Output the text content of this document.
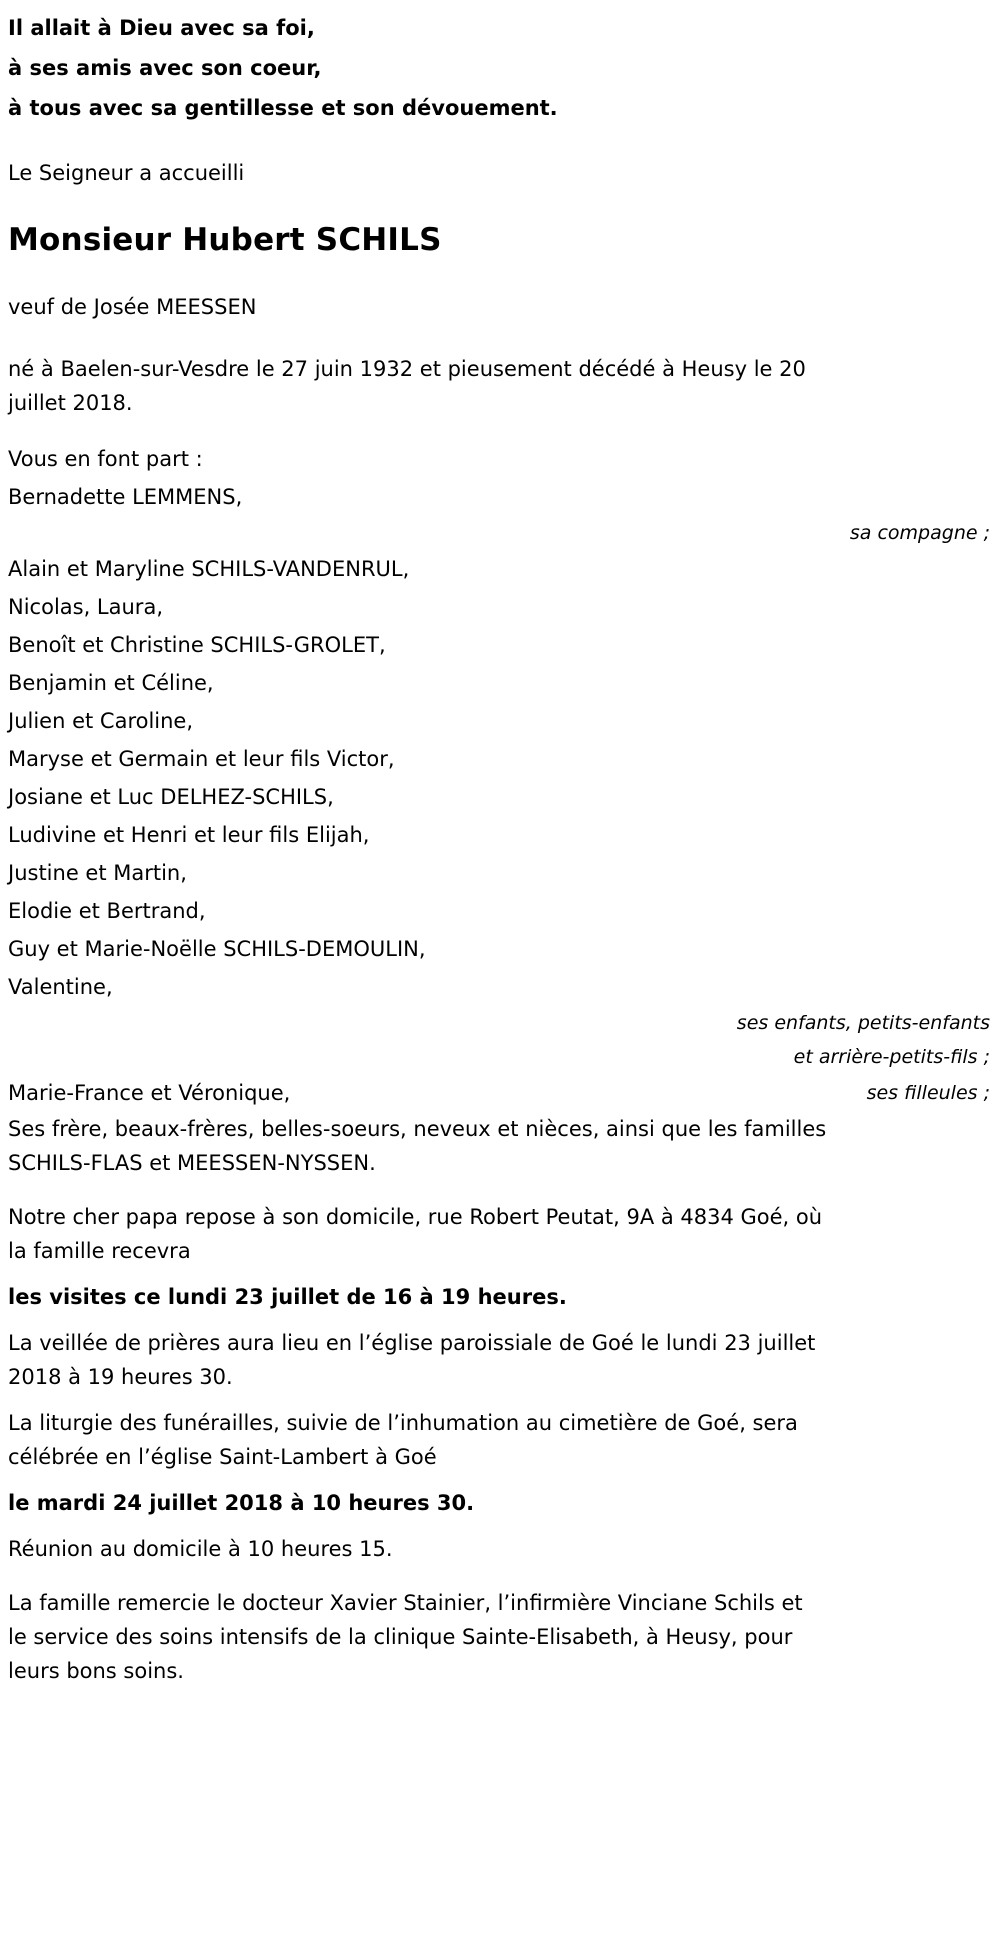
Il allait à Dieu avec sa foi,
à ses amis avec son coeur,
à tous avec sa gentillesse et son dévouement.
Le Seigneur a accueilli
Monsieur Hubert SCHILS
veuf de Josée MEESSEN
né à Baelen-sur-Vesdre le 27 juin 1932 et pieusement décédé à Heusy le 20 juillet 2018.
Vous en font part :
Bernadette LEMMENS,
sa compagne ;
Alain et Maryline SCHILS-VANDENRUL,
Nicolas, Laura,
Benoît et Christine SCHILS-GROLET,
Benjamin et Céline,
Julien et Caroline,
Maryse et Germain et leur fils Victor,
Josiane et Luc DELHEZ-SCHILS,
Ludivine et Henri et leur fils Elijah,
Justine et Martin,
Elodie et Bertrand,
Guy et Marie-Noëlle SCHILS-DEMOULIN,
Valentine,
ses enfants, petits-enfants et arrière-petits-fils ;
Marie-France et Véronique,	ses filleules ;
Ses frère, beaux-frères, belles-soeurs, neveux et nièces, ainsi que les familles SCHILS-FLAS et MEESSEN-NYSSEN.
Notre cher papa repose à son domicile, rue Robert Peutat, 9A à 4834 Goé, où la famille recevra
les visites ce lundi 23 juillet de 16 à 19 heures.
La veillée de prières aura lieu en l’église paroissiale de Goé le lundi 23 juillet 2018 à 19 heures 30.
La liturgie des funérailles, suivie de l’inhumation au cimetière de Goé, sera célébrée en l’église Saint-Lambert à Goé
le mardi 24 juillet 2018 à 10 heures 30.
Réunion au domicile à 10 heures 15.
La famille remercie le docteur Xavier Stainier, l’infirmière Vinciane Schils et le service des soins intensifs de la clinique Sainte-Elisabeth, à Heusy, pour leurs bons soins.
